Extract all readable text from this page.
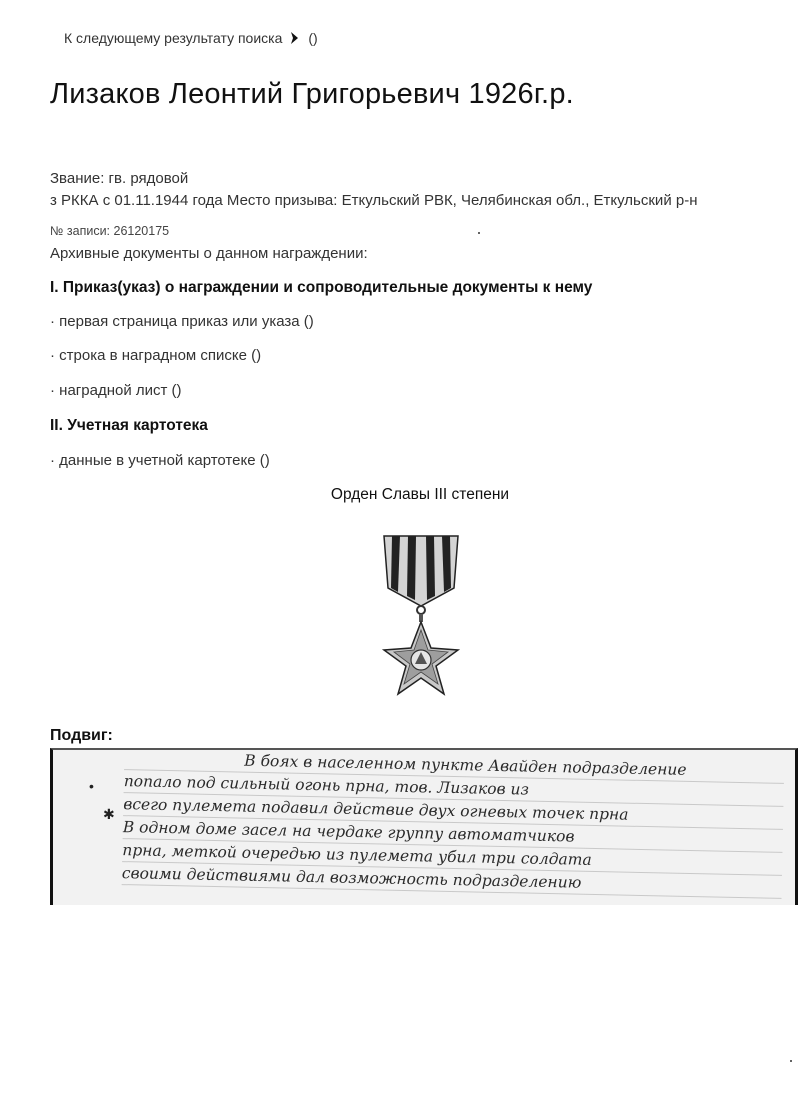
К следующему результату поиска ()
Лизаков Леонтий Григорьевич 1926г.р.
Звание: гв. рядовой
з РККА с 01.11.1944 года Место призыва: Еткульский РВК, Челябинская обл., Еткульский р-н
№ записи: 26120175
Архивные документы о данном награждении:
I. Приказ(указ) о награждении и сопроводительные документы к нему
· первая страница приказ или указа ()
· строка в наградном списке ()
· наградной лист ()
II. Учетная картотека
· данные в учетной картотеке ()
Орден Славы III степени
Подвиг:
•
✱
В боях в населенном пункте Авайден подразделение
попало под сильный огонь прна, тов. Лизаков из
всего пулемета подавил действие двух огневых точек прна
В одном доме засел на чердаке группу автоматчиков
прна, меткой очередью из пулемета убил три солдата
своими действиями дал возможность подразделению
